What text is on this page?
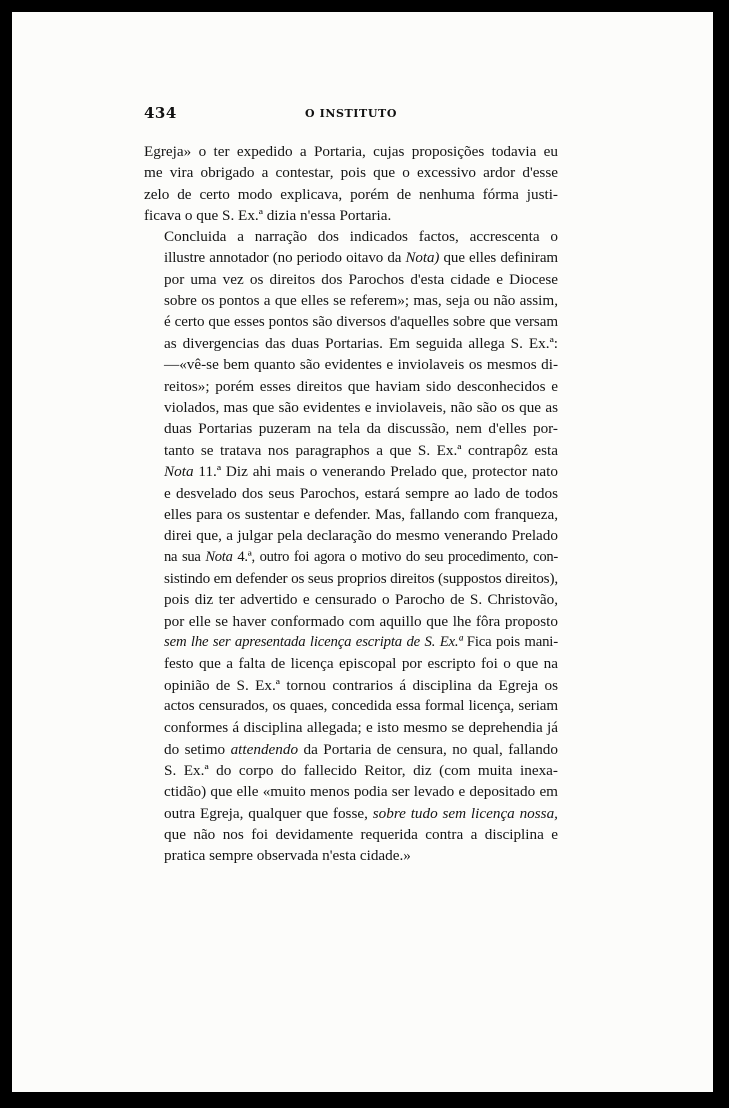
434	O INSTITUTO

Egreja» o ter expedido a Portaria, cujas proposições todavia eu
me vira obrigado a contestar, pois que o excessivo ardor d'esse
zelo de certo modo explicava, porém de nenhuma fórma justi-
ficava o que S. Ex.ª dizia n'essa Portaria.

Concluida a narração dos indicados factos, accrescenta o
illustre annotador (no periodo oitavo da Nota) que elles definiram
por uma vez os direitos dos Parochos d'esta cidade e Diocese
sobre os pontos a que elles se referem»; mas, seja ou não assim,
é certo que esses pontos são diversos d'aquelles sobre que versam
as divergencias das duas Portarias. Em seguida allega S. Ex.ª:
—«vê-se bem quanto são evidentes e inviolaveis os mesmos di-
reitos»; porém esses direitos que haviam sido desconhecidos e
violados, mas que são evidentes e inviolaveis, não são os que as
duas Portarias puzeram na tela da discussão, nem d'elles por-
tanto se tratava nos paragraphos a que S. Ex.ª contrapôz esta
Nota 11.ª Diz ahi mais o venerando Prelado que, protector nato
e desvelado dos seus Parochos, estará sempre ao lado de todos
elles para os sustentar e defender. Mas, fallando com franqueza,
direi que, a julgar pela declaração do mesmo venerando Prelado
na sua Nota 4.ª, outro foi agora o motivo do seu procedimento, con-
sistindo em defender os seus proprios direitos (suppostos direitos),
pois diz ter advertido e censurado o Parocho de S. Christovão,
por elle se haver conformado com aquillo que lhe fôra proposto
sem lhe ser apresentada licença escripta de S. Ex.ª Fica pois mani-
festo que a falta de licença episcopal por escripto foi o que na
opinião de S. Ex.ª tornou contrarios á disciplina da Egreja os
actos censurados, os quaes, concedida essa formal licença, seriam
conformes á disciplina allegada; e isto mesmo se deprehendia já
do setimo attendendo da Portaria de censura, no qual, fallando
S. Ex.ª do corpo do fallecido Reitor, diz (com muita inexa-
ctidão) que elle «muito menos podia ser levado e depositado em
outra Egreja, qualquer que fosse, sobre tudo sem licença nossa,
que não nos foi devidamente requerida contra a disciplina e
pratica sempre observada n'esta cidade.»
